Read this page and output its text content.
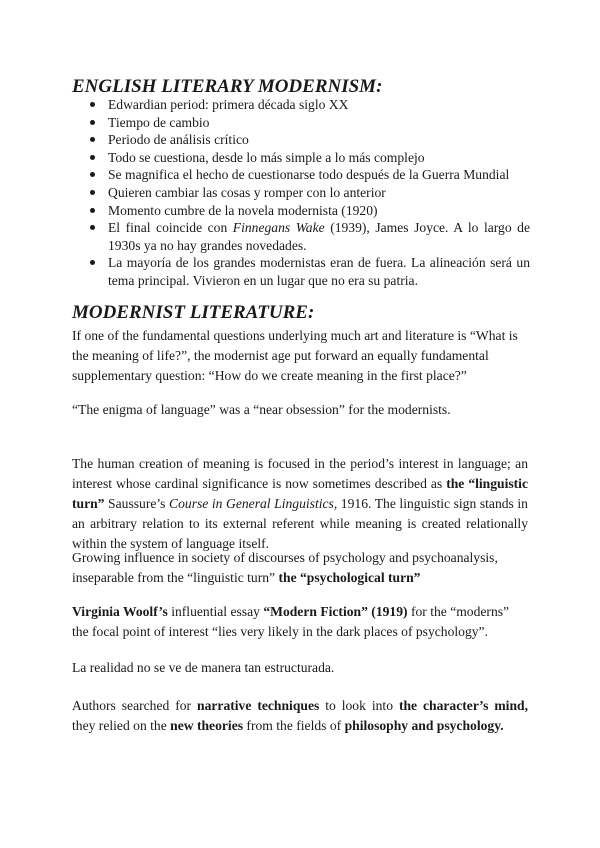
ENGLISH LITERARY MODERNISM:
Edwardian period: primera década siglo XX
Tiempo de cambio
Periodo de análisis crítico
Todo se cuestiona, desde lo más simple a lo más complejo
Se magnifica el hecho de cuestionarse todo después de la Guerra Mundial
Quieren cambiar las cosas y romper con lo anterior
Momento cumbre de la novela modernista (1920)
El final coincide con Finnegans Wake (1939), James Joyce. A lo largo de 1930s ya no hay grandes novedades.
La mayoría de los grandes modernistas eran de fuera. La alineación será un tema principal. Vivieron en un lugar que no era su patria.
MODERNIST LITERATURE:

If one of the fundamental questions underlying much art and literature is “What is the meaning of life?”, the modernist age put forward an equally fundamental supplementary question: “How do we create meaning in the first place?”

“The enigma of language” was a “near obsession” for the modernists.

The human creation of meaning is focused in the period’s interest in language; an interest whose cardinal significance is now sometimes described as the “linguistic turn” Saussure’s Course in General Linguistics, 1916. The linguistic sign stands in an arbitrary relation to its external referent while meaning is created relationally within the system of language itself.

Growing influence in society of discourses of psychology and psychoanalysis, inseparable from the “linguistic turn” the “psychological turn”

Virginia Woolf’s influential essay “Modern Fiction” (1919) for the “moderns” the focal point of interest “lies very likely in the dark places of psychology”.

La realidad no se ve de manera tan estructurada.

Authors searched for narrative techniques to look into the character’s mind, they relied on the new theories from the fields of philosophy and psychology.
